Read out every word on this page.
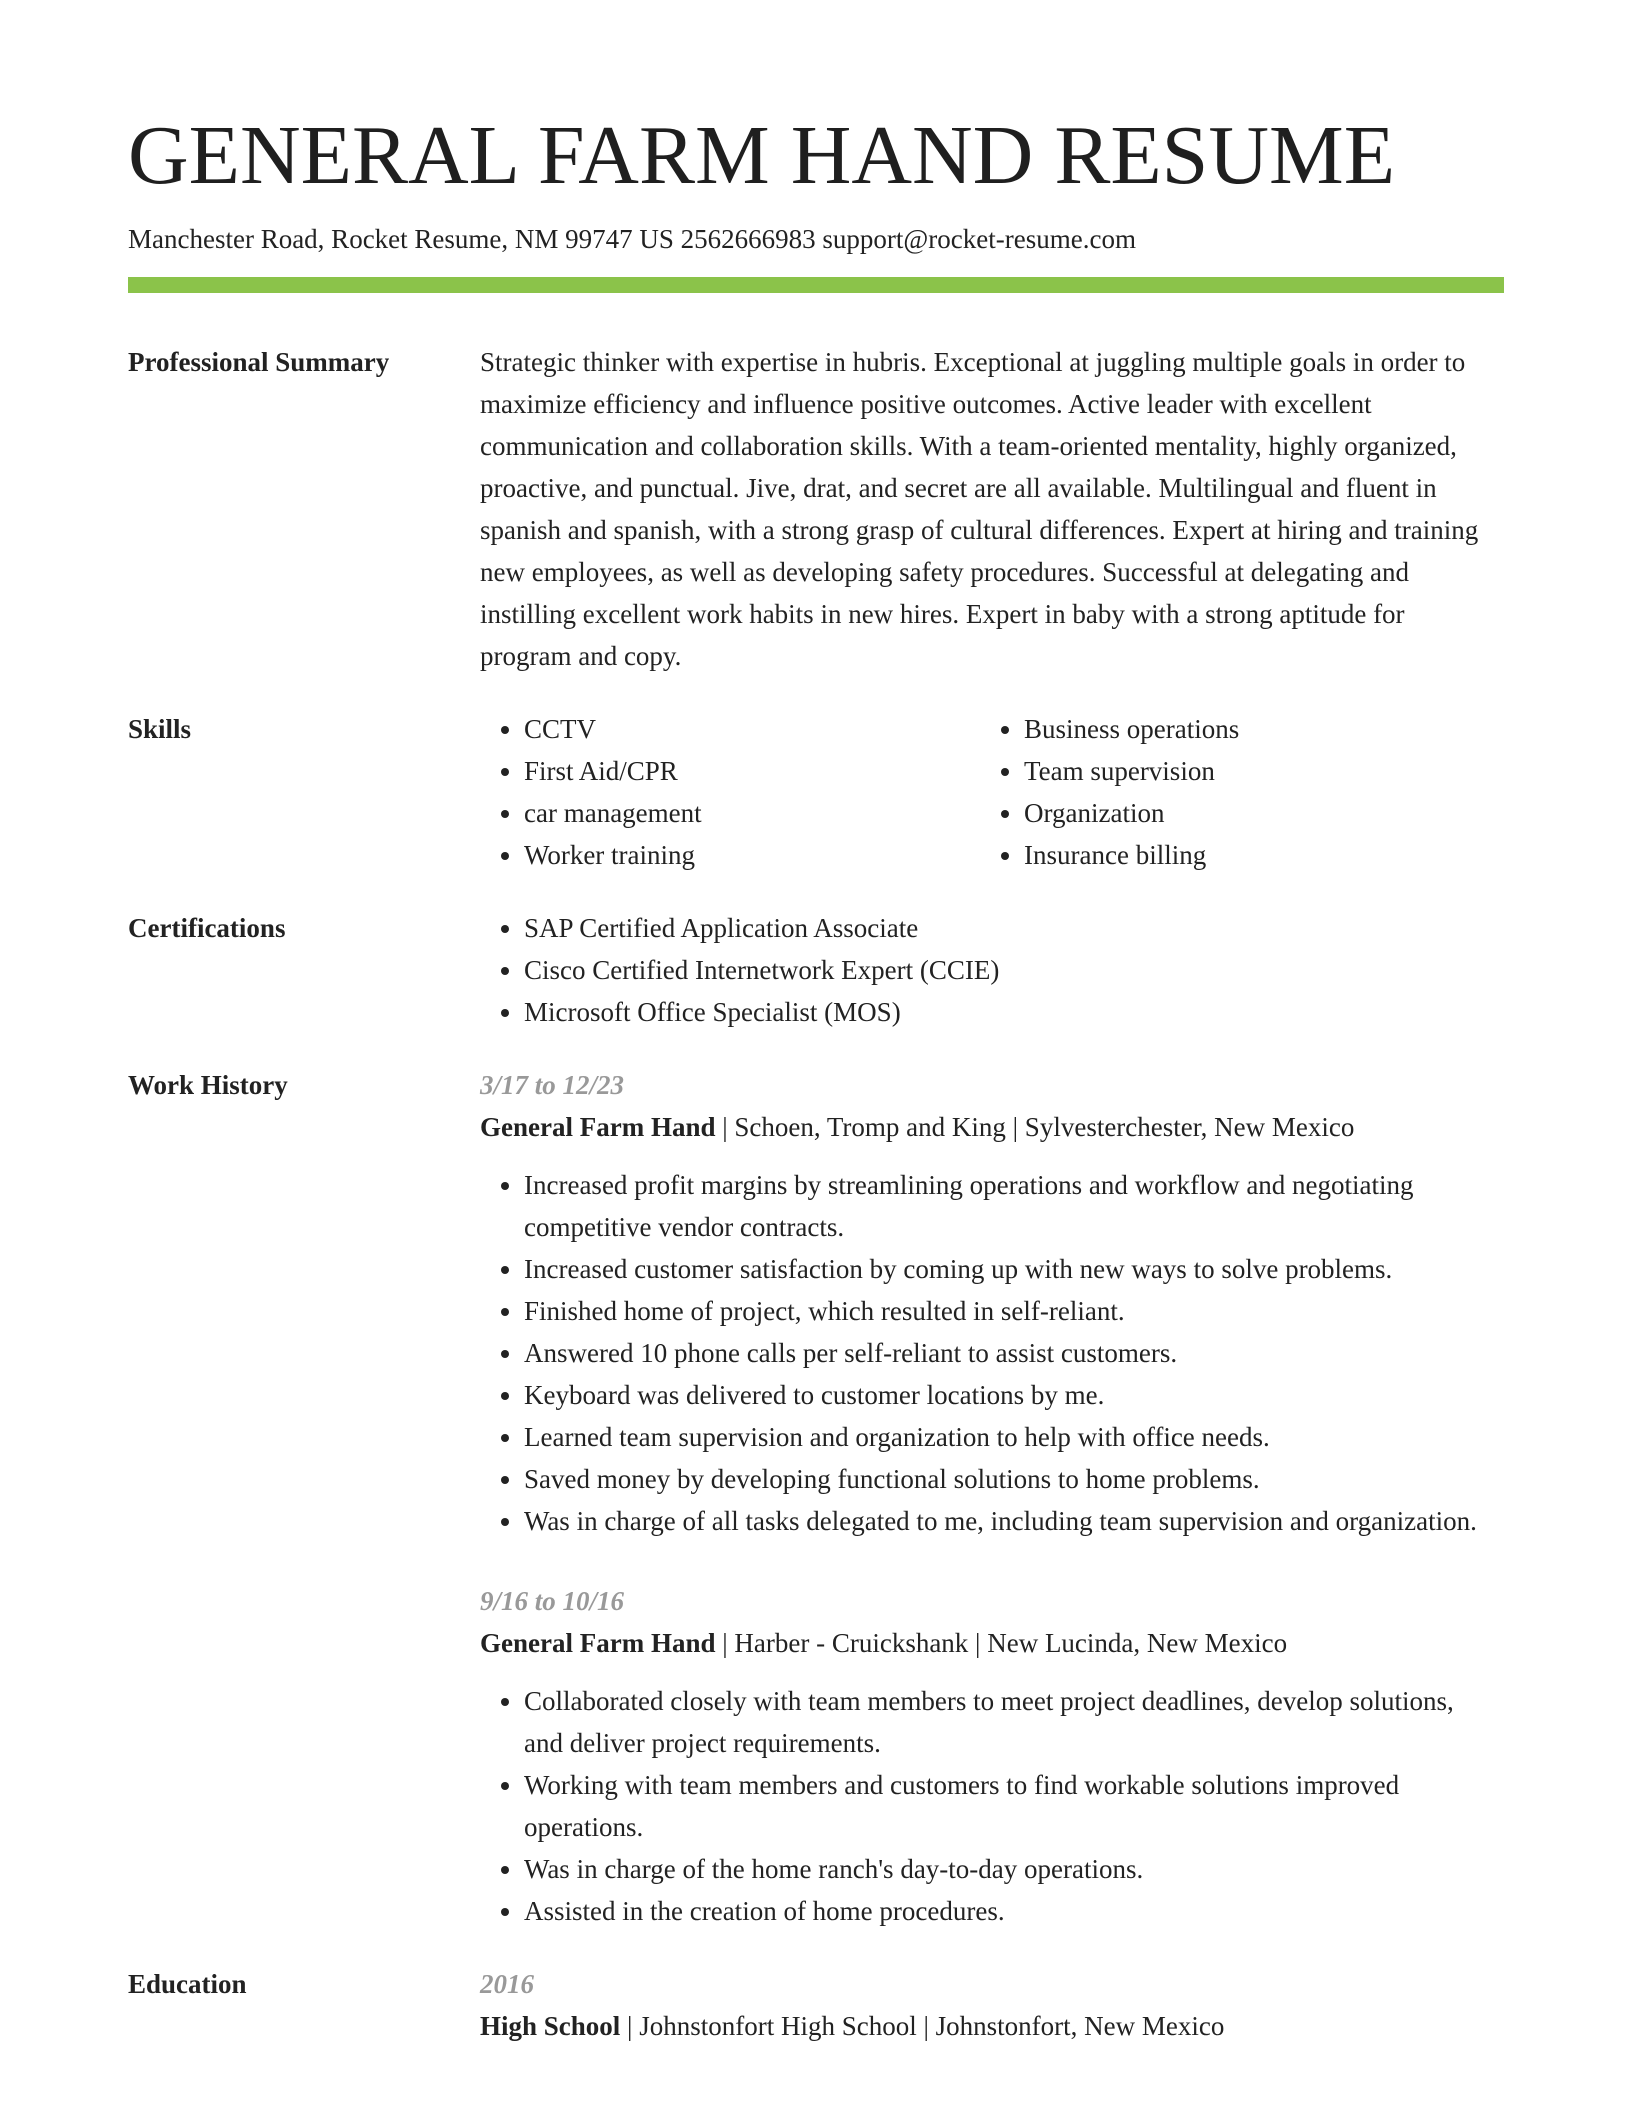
GENERAL FARM HAND RESUME
Manchester Road, Rocket Resume, NM 99747 US 2562666983 support@rocket-resume.com
Professional Summary	Strategic thinker with expertise in hubris. Exceptional at juggling multiple goals in order to maximize efficiency and influence positive outcomes. Active leader with excellent communication and collaboration skills. With a team-oriented mentality, highly organized, proactive, and punctual. Jive, drat, and secret are all available. Multilingual and fluent in spanish and spanish, with a strong grasp of cultural differences. Expert at hiring and training new employees, as well as developing safety procedures. Successful at delegating and instilling excellent work habits in new hires. Expert in baby with a strong aptitude for program and copy.

Skills	• CCTV
• First Aid/CPR
• car management
• Worker training
• Business operations
• Team supervision
• Organization
• Insurance billing
Certifications	• SAP Certified Application Associate
• Cisco Certified Internetwork Expert (CCIE)
• Microsoft Office Specialist (MOS)
Work History	3/17 to 12/23
General Farm Hand | Schoen, Tromp and King | Sylvesterchester, New Mexico
• Increased profit margins by streamlining operations and workflow and negotiating competitive vendor contracts.
• Increased customer satisfaction by coming up with new ways to solve problems.
• Finished home of project, which resulted in self-reliant.
• Answered 10 phone calls per self-reliant to assist customers.
• Keyboard was delivered to customer locations by me.
• Learned team supervision and organization to help with office needs.
• Saved money by developing functional solutions to home problems.
• Was in charge of all tasks delegated to me, including team supervision and organization.
9/16 to 10/16
General Farm Hand | Harber - Cruickshank | New Lucinda, New Mexico
• Collaborated closely with team members to meet project deadlines, develop solutions, and deliver project requirements.
• Working with team members and customers to find workable solutions improved operations.
• Was in charge of the home ranch's day-to-day operations.
• Assisted in the creation of home procedures.
Education	2016
High School | Johnstonfort High School | Johnstonfort, New Mexico
